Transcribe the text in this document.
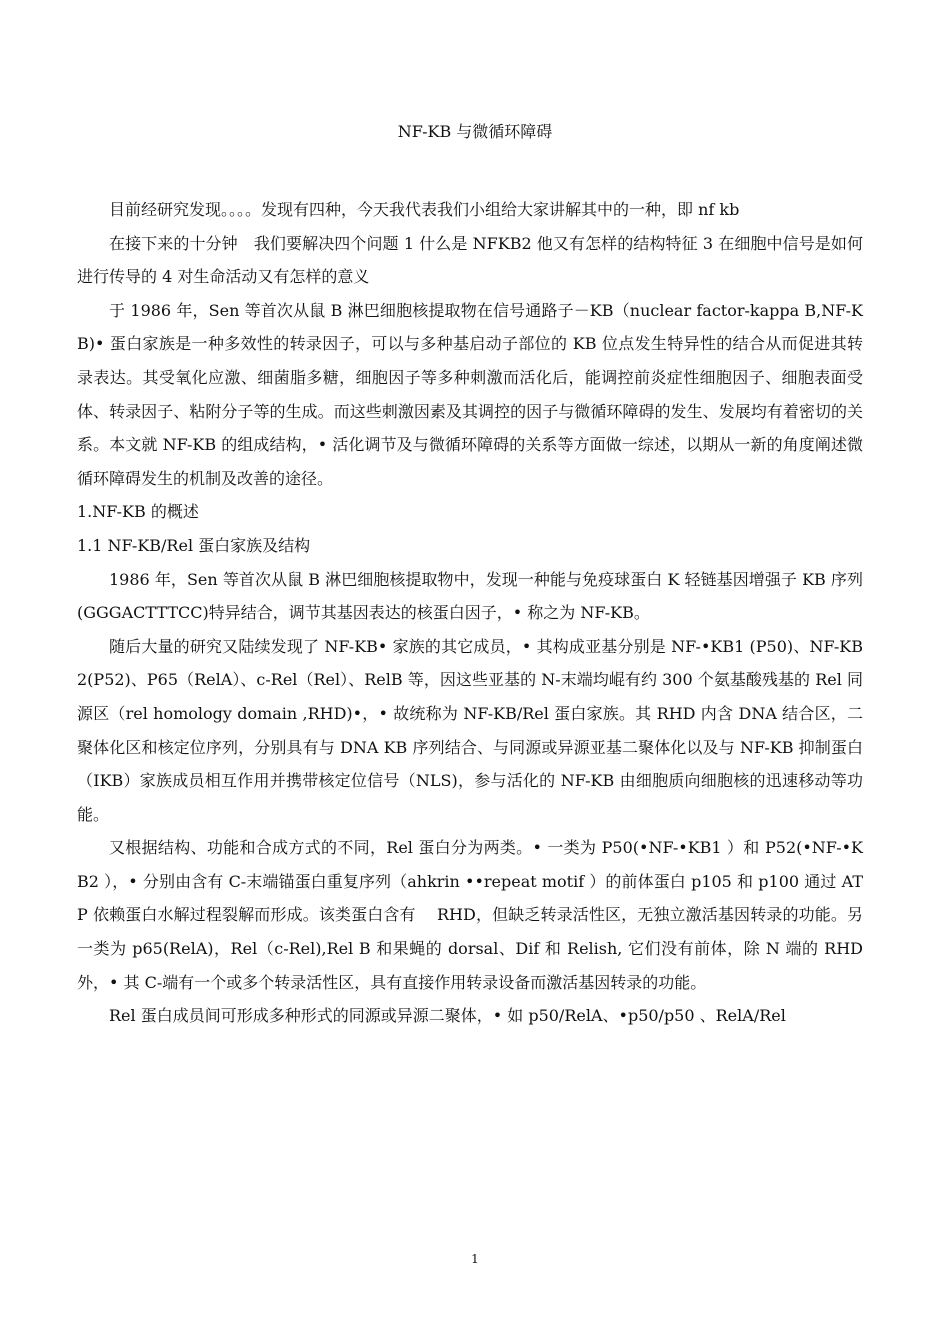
NF-KB 与微循环障碍

目前经研究发现。。。。发现有四种，今天我代表我们小组给大家讲解其中的一种，即 nf kb

在接下来的十分钟　我们要解决四个问题 1 什么是 NFKB2 他又有怎样的结构特征 3 在细胞中信号是如何进行传导的 4 对生命活动又有怎样的意义

于 1986 年，Sen 等首次从鼠 B 淋巴细胞核提取物在信号通路子－KB（nuclear factor-kappa B,NF-KB)• 蛋白家族是一种多效性的转录因子，可以与多种基启动子部位的 KB 位点发生特异性的结合从而促进其转录表达。其受氧化应激、细菌脂多糖，细胞因子等多种刺激而活化后，能调控前炎症性细胞因子、细胞表面受体、转录因子、粘附分子等的生成。而这些刺激因素及其调控的因子与微循环障碍的发生、发展均有着密切的关系。本文就 NF-KB 的组成结构，• 活化调节及与微循环障碍的关系等方面做一综述，以期从一新的角度阐述微循环障碍发生的机制及改善的途径。

1.NF-KB 的概述

1.1 NF-KB/Rel 蛋白家族及结构

1986 年，Sen 等首次从鼠 B 淋巴细胞核提取物中，发现一种能与免疫球蛋白 K 轻链基因增强子 KB 序列(GGGACTTTCC)特异结合，调节其基因表达的核蛋白因子，• 称之为 NF-KB。

随后大量的研究又陆续发现了 NF-KB• 家族的其它成员，• 其构成亚基分别是 NF-•KB1 (P50)、NF-KB2(P52)、P65（RelA）、c-Rel（Rel）、RelB 等，因这些亚基的 N-末端均崐有约 300 个氨基酸残基的 Rel 同源区（rel homology domain ,RHD)•，• 故统称为 NF-KB/Rel 蛋白家族。其 RHD 内含 DNA 结合区，二聚体化区和核定位序列，分别具有与 DNA KB 序列结合、与同源或异源亚基二聚体化以及与 NF-KB 抑制蛋白（IKB）家族成员相互作用并携带核定位信号（NLS)，参与活化的 NF-KB 由细胞质向细胞核的迅速移动等功能。

又根据结构、功能和合成方式的不同，Rel 蛋白分为两类。• 一类为 P50(•NF-•KB1 ）和 P52(•NF-•KB2 ），• 分别由含有 C-末端锚蛋白重复序列（ahkrin ••repeat motif ）的前体蛋白 p105 和 p100 通过 ATP 依赖蛋白水解过程裂解而形成。该类蛋白含有　 RHD，但缺乏转录活性区，无独立激活基因转录的功能。另一类为 p65(RelA)，Rel（c-Rel),Rel B 和果蝇的 dorsal、Dif 和 Relish, 它们没有前体，除 N 端的 RHD 外，• 其 C-端有一个或多个转录活性区，具有直接作用转录设备而激活基因转录的功能。

Rel 蛋白成员间可形成多种形式的同源或异源二聚体，• 如 p50/RelA、•p50/p50 、RelA/Rel

1
